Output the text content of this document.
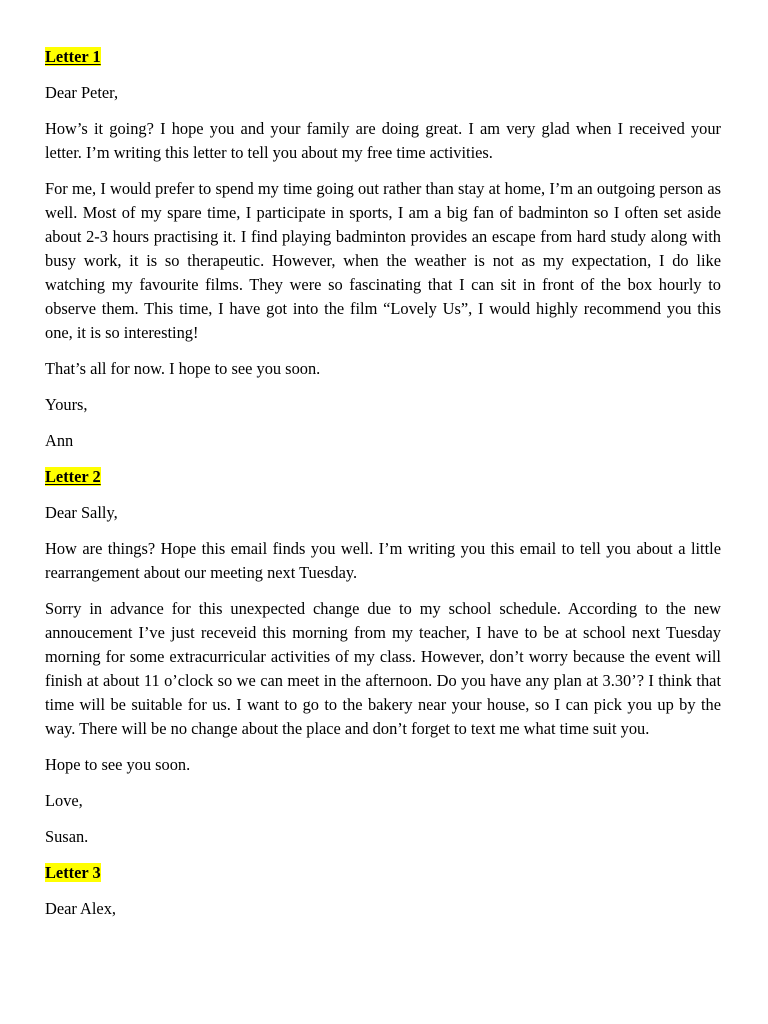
Letter 1
Dear Peter,
How’s it going? I hope you and your family are doing great. I am very glad when I received your letter. I’m writing this letter to tell you about my free time activities.
For me, I would prefer to spend my time going out rather than stay at home, I’m an outgoing person as well. Most of my spare time, I participate in sports, I am a big fan of badminton so I often set aside about 2-3 hours practising it. I find playing badminton provides an escape from hard study along with busy work, it is so therapeutic. However, when the weather is not as my expectation, I do like watching my favourite films. They were so fascinating that I can sit in front of the box hourly to observe them. This time, I have got into the film “Lovely Us”, I would highly recommend you this one, it is so interesting!
That’s all for now. I hope to see you soon.
Yours,
Ann
Letter 2
Dear Sally,
How are things? Hope this email finds you well. I’m writing you this email to tell you about a little rearrangement about our meeting next Tuesday.
Sorry in advance for this unexpected change due to my school schedule. According to the new annoucement I’ve just receveid this morning from my teacher, I have to be at school next Tuesday morning for some extracurricular activities of my class. However, don’t worry because the event will finish at about 11 o’clock so we can meet in the afternoon. Do you have any plan at 3.30’? I think that time will be suitable for us. I want to go to the bakery near your house, so I can pick you up by the way. There will be no change about the place and don’t forget to text me what time suit you.
Hope to see you soon.
Love,
Susan.
Letter 3
Dear Alex,
